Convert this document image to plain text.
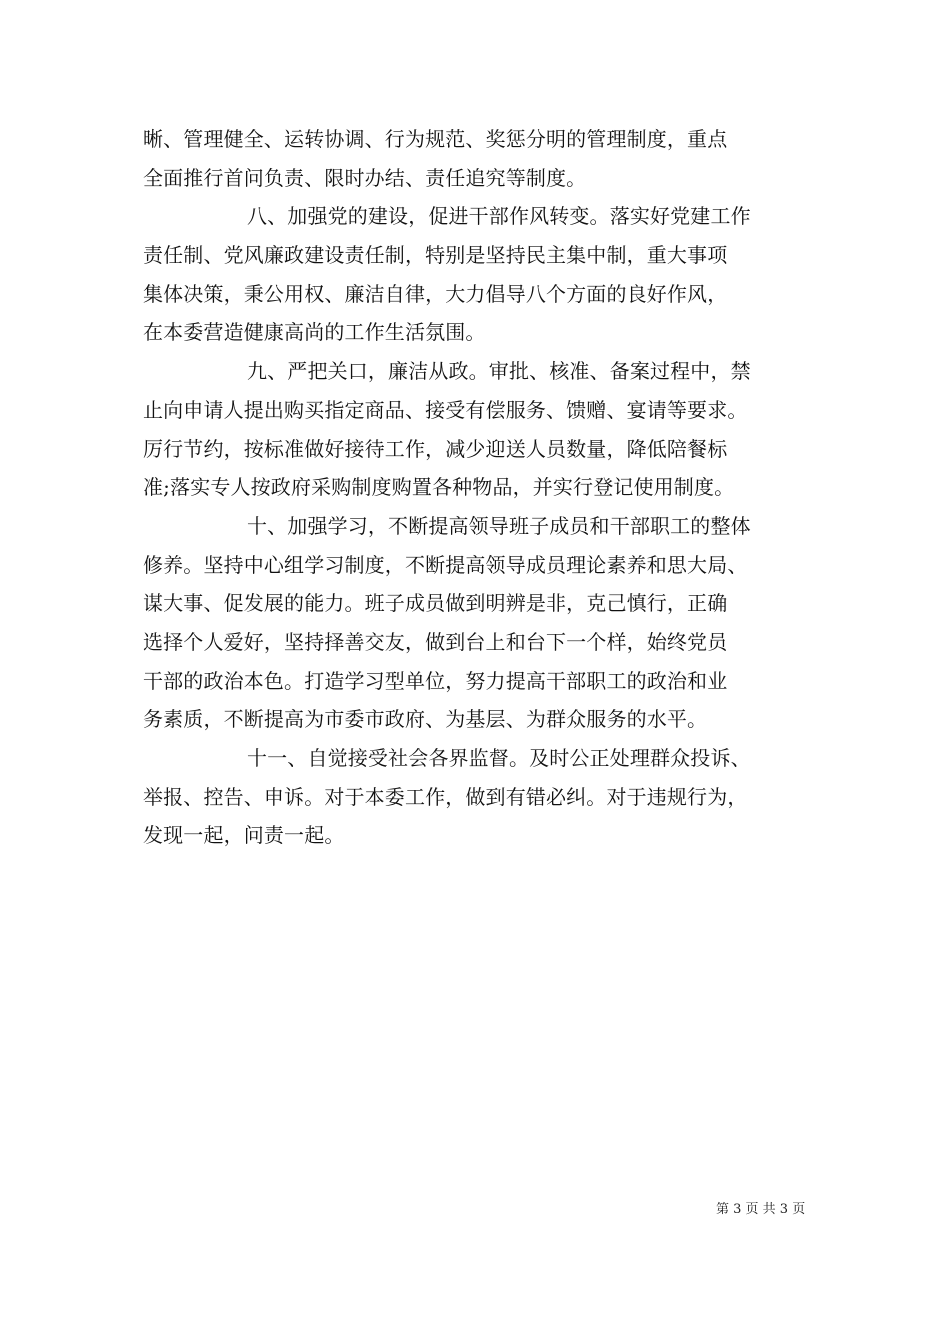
晰、管理健全、运转协调、行为规范、奖惩分明的管理制度，重点
全面推行首问负责、限时办结、责任追究等制度。
八、加强党的建设，促进干部作风转变。落实好党建工作
责任制、党风廉政建设责任制，特别是坚持民主集中制，重大事项
集体决策，秉公用权、廉洁自律，大力倡导八个方面的良好作风，
在本委营造健康高尚的工作生活氛围。
九、严把关口，廉洁从政。审批、核准、备案过程中，禁
止向申请人提出购买指定商品、接受有偿服务、馈赠、宴请等要求。
厉行节约，按标准做好接待工作，减少迎送人员数量，降低陪餐标
准;落实专人按政府采购制度购置各种物品，并实行登记使用制度。
十、加强学习，不断提高领导班子成员和干部职工的整体
修养。坚持中心组学习制度，不断提高领导成员理论素养和思大局、
谋大事、促发展的能力。班子成员做到明辨是非，克己慎行，正确
选择个人爱好，坚持择善交友，做到台上和台下一个样，始终党员
干部的政治本色。打造学习型单位，努力提高干部职工的政治和业
务素质，不断提高为市委市政府、为基层、为群众服务的水平。
十一、自觉接受社会各界监督。及时公正处理群众投诉、
举报、控告、申诉。对于本委工作，做到有错必纠。对于违规行为，
发现一起，问责一起。
第 3 页 共 3 页
